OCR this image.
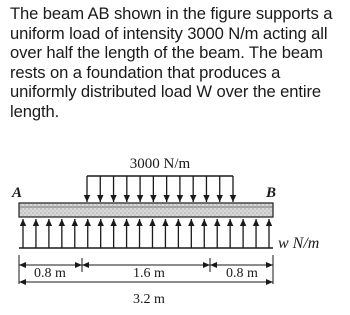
The beam AB shown in the figure supports a
uniform load of intensity 3000 N/m acting all
over half the length of the beam. The beam
rests on a foundation that produces a
uniformly distributed load W over the entire
length.

3000 N/m
A	B
w N/m
0.8 m	1.6 m	0.8 m
3.2 m
